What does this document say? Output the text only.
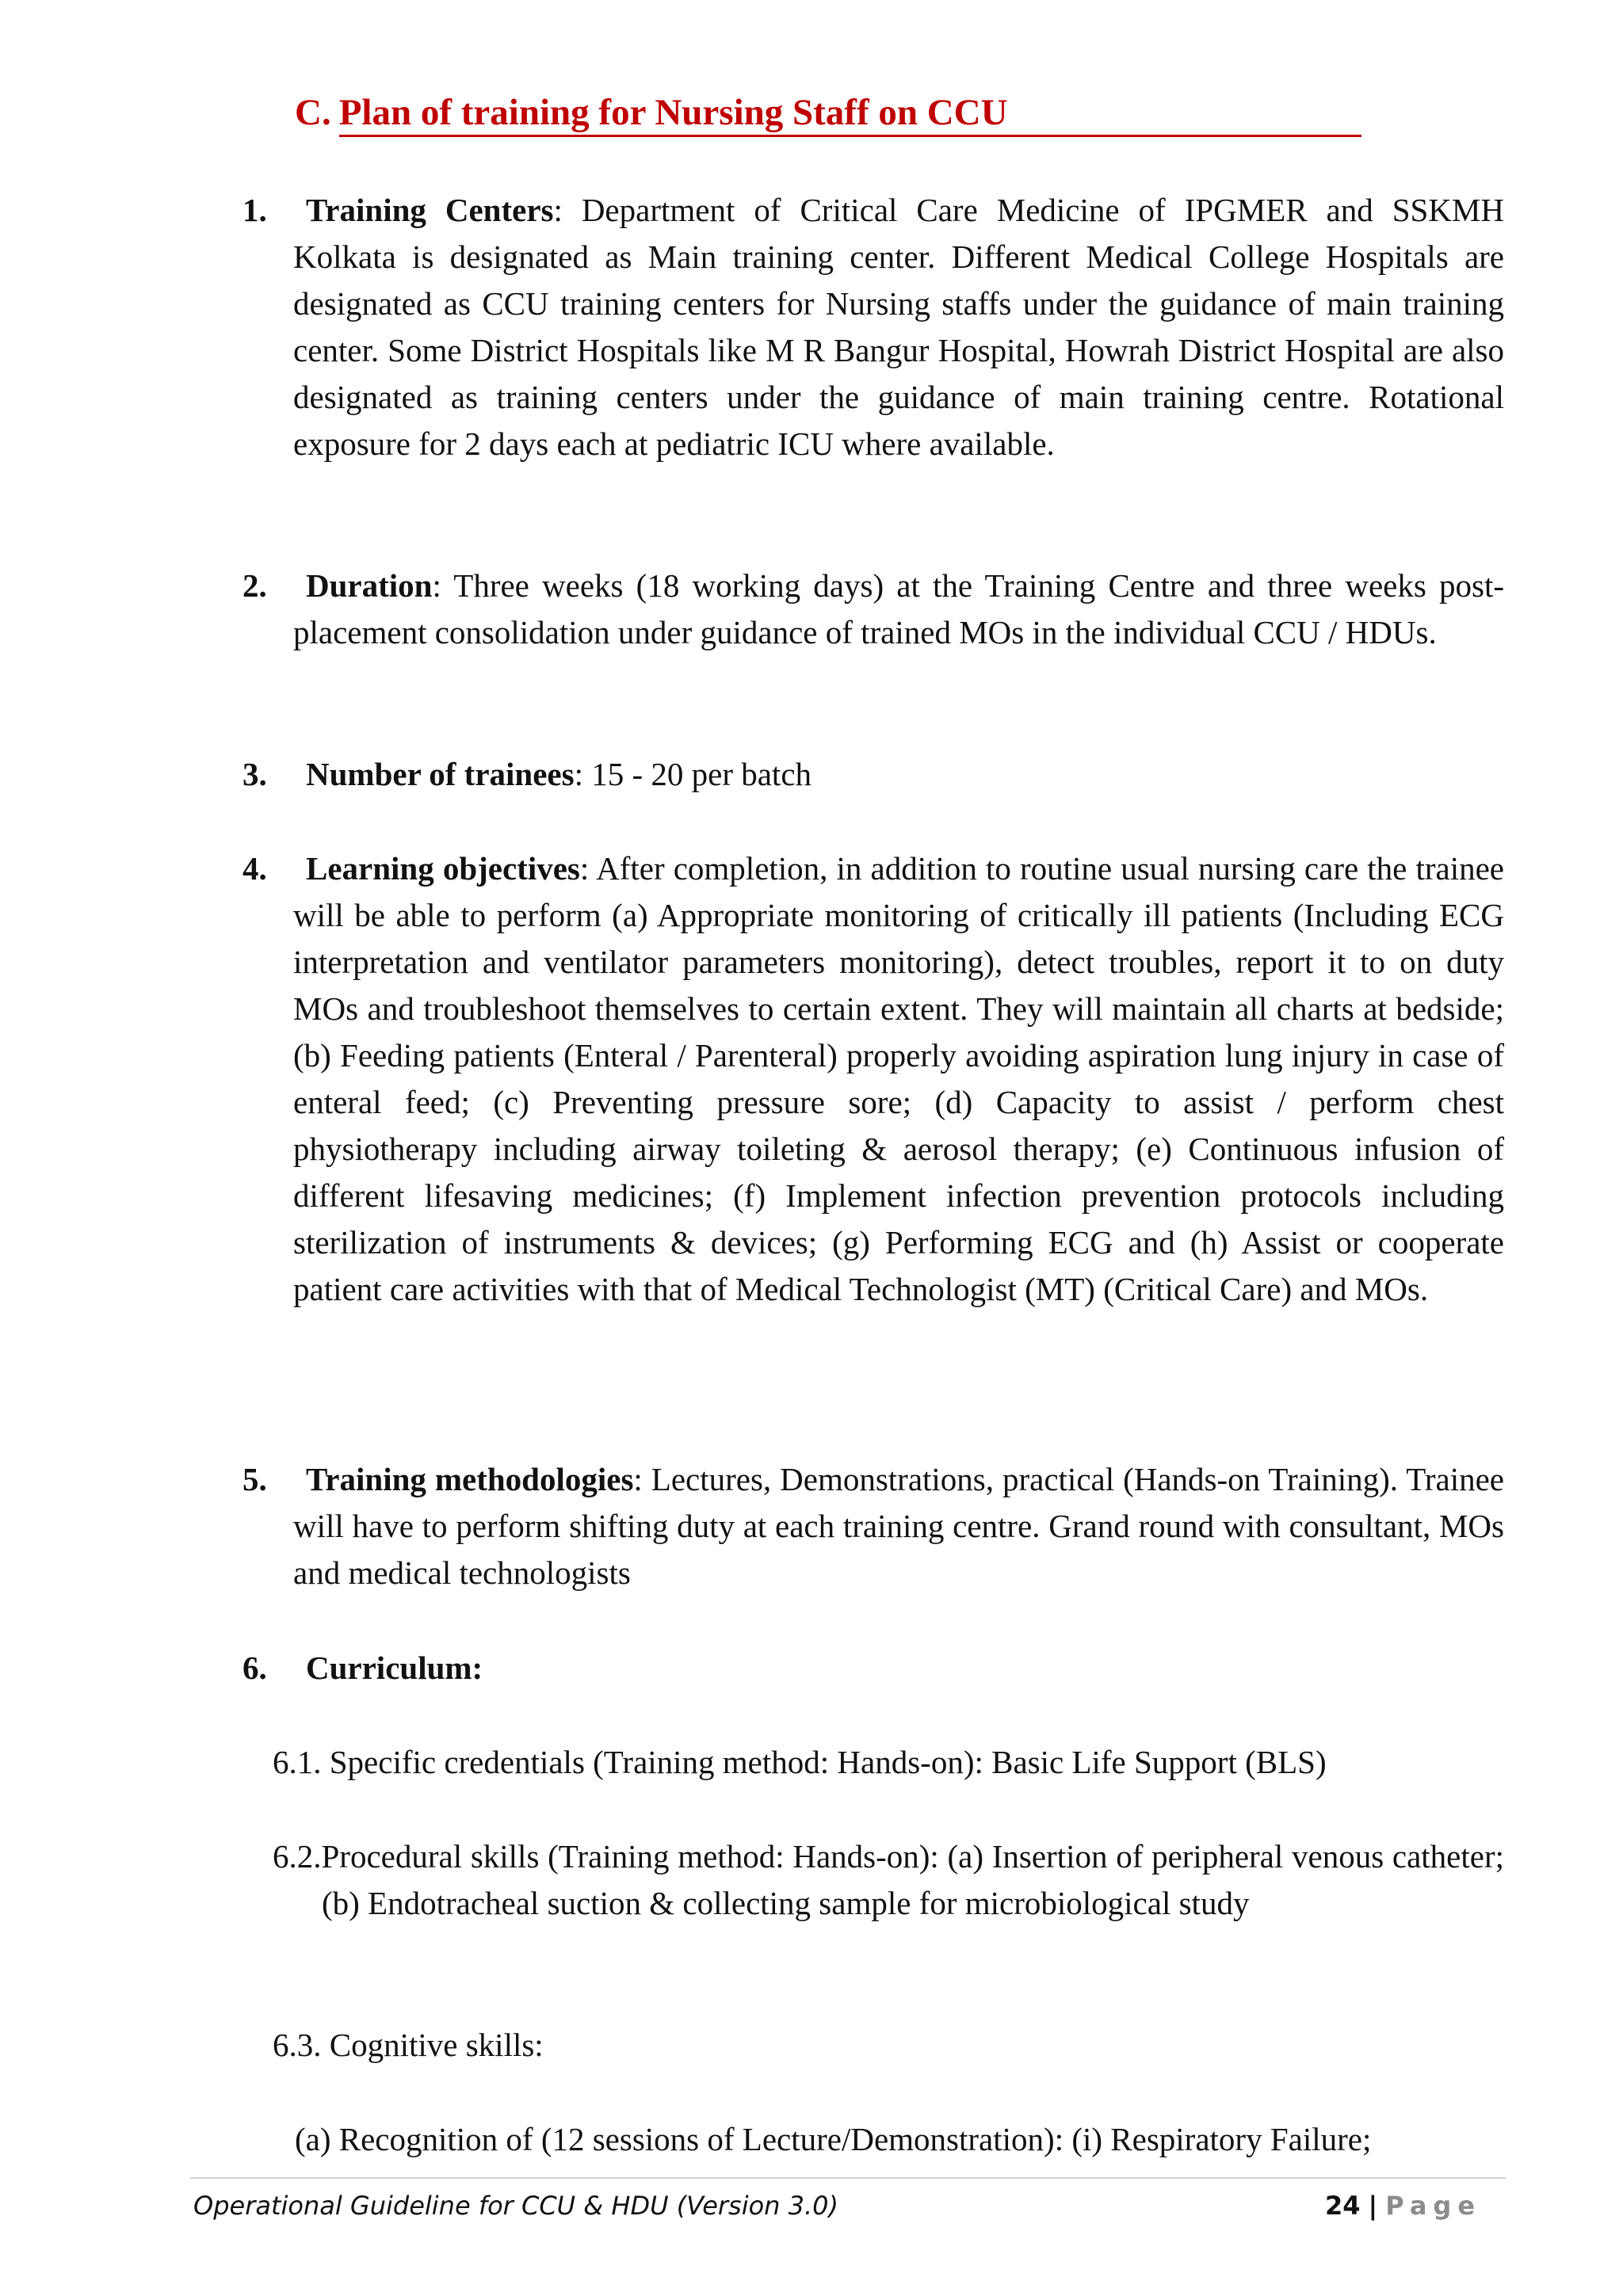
C. Plan of training for Nursing Staff on CCU
1.	Training Centers: Department of Critical Care Medicine of IPGMER and SSKMH Kolkata is designated as Main training center. Different Medical College Hospitals are designated as CCU training centers for Nursing staffs under the guidance of main training center. Some District Hospitals like M R Bangur Hospital, Howrah District Hospital are also designated as training centers under the guidance of main training centre. Rotational exposure for 2 days each at pediatric ICU where available.
2.	Duration: Three weeks (18 working days) at the Training Centre and three weeks post-placement consolidation under guidance of trained MOs in the individual CCU / HDUs.
3.	Number of trainees: 15 - 20 per batch
4.	Learning objectives: After completion, in addition to routine usual nursing care the trainee will be able to perform (a) Appropriate monitoring of critically ill patients (Including ECG interpretation and ventilator parameters monitoring), detect troubles, report it to on duty MOs and troubleshoot themselves to certain extent. They will maintain all charts at bedside; (b) Feeding patients (Enteral / Parenteral) properly avoiding aspiration lung injury in case of enteral feed; (c) Preventing pressure sore; (d) Capacity to assist / perform chest physiotherapy including airway toileting & aerosol therapy; (e) Continuous infusion of different lifesaving medicines; (f) Implement infection prevention protocols including sterilization of instruments & devices; (g) Performing ECG and (h) Assist or cooperate patient care activities with that of Medical Technologist (MT) (Critical Care) and MOs.
5.	Training methodologies: Lectures, Demonstrations, practical (Hands-on Training). Trainee will have to perform shifting duty at each training centre. Grand round with consultant, MOs and medical technologists
6.	Curriculum:
6.1. Specific credentials (Training method: Hands-on): Basic Life Support (BLS)
6.2.Procedural skills (Training method: Hands-on): (a) Insertion of peripheral venous catheter; (b) Endotracheal suction & collecting sample for microbiological study
6.3. Cognitive skills:
(a) Recognition of (12 sessions of Lecture/Demonstration): (i) Respiratory Failure;
Operational Guideline for CCU & HDU (Version 3.0)	24 | Page
